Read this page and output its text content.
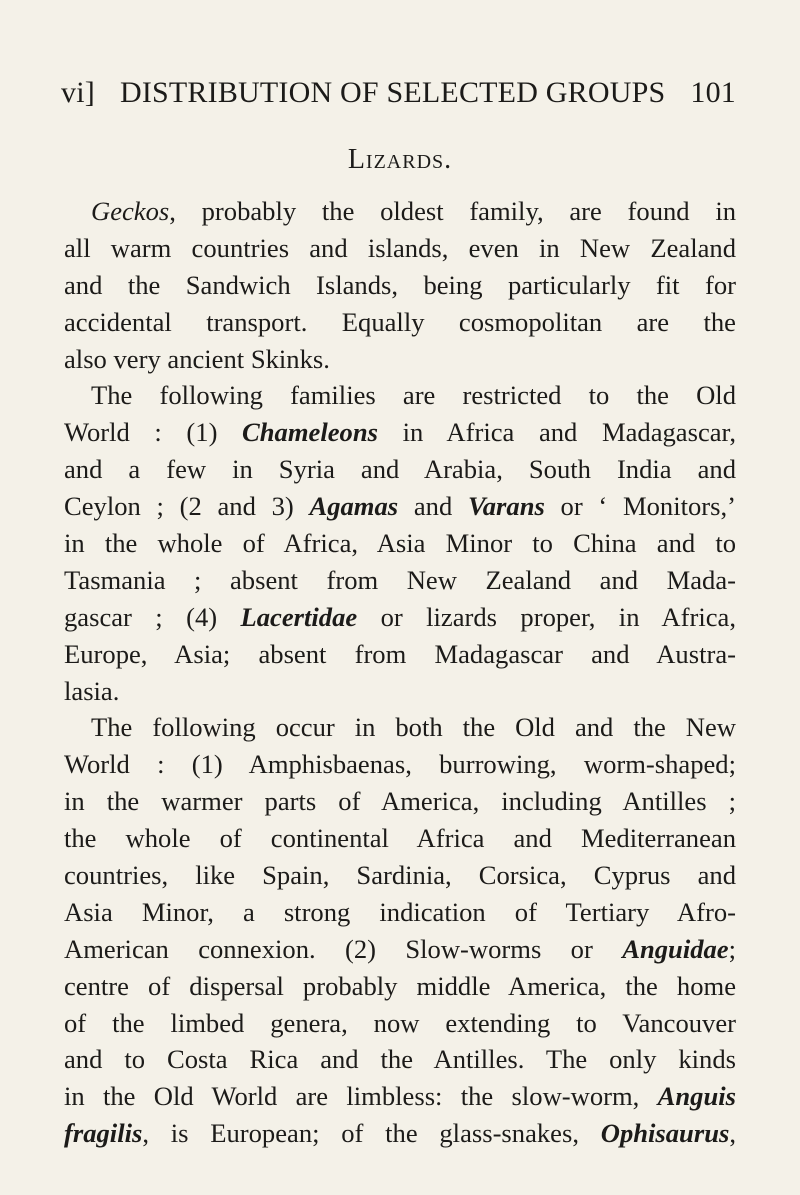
vi] DISTRIBUTION OF SELECTED GROUPS 101
Lizards.
Geckos, probably the oldest family, are found in
all warm countries and islands, even in New Zealand
and the Sandwich Islands, being particularly fit for
accidental transport. Equally cosmopolitan are the
also very ancient Skinks.
The following families are restricted to the Old
World : (1) Chameleons in Africa and Madagascar,
and a few in Syria and Arabia, South India and
Ceylon ; (2 and 3) Agamas and Varans or ‘ Monitors,’
in the whole of Africa, Asia Minor to China and to
Tasmania ; absent from New Zealand and Mada-
gascar ; (4) Lacertidae or lizards proper, in Africa,
Europe, Asia; absent from Madagascar and Austra-
lasia.
The following occur in both the Old and the New
World : (1) Amphisbaenas, burrowing, worm-shaped;
in the warmer parts of America, including Antilles ;
the whole of continental Africa and Mediterranean
countries, like Spain, Sardinia, Corsica, Cyprus and
Asia Minor, a strong indication of Tertiary Afro-
American connexion. (2) Slow-worms or Anguidae;
centre of dispersal probably middle America, the home
of the limbed genera, now extending to Vancouver
and to Costa Rica and the Antilles. The only kinds
in the Old World are limbless: the slow-worm, Anguis
fragilis, is European; of the glass-snakes, Ophisaurus,
